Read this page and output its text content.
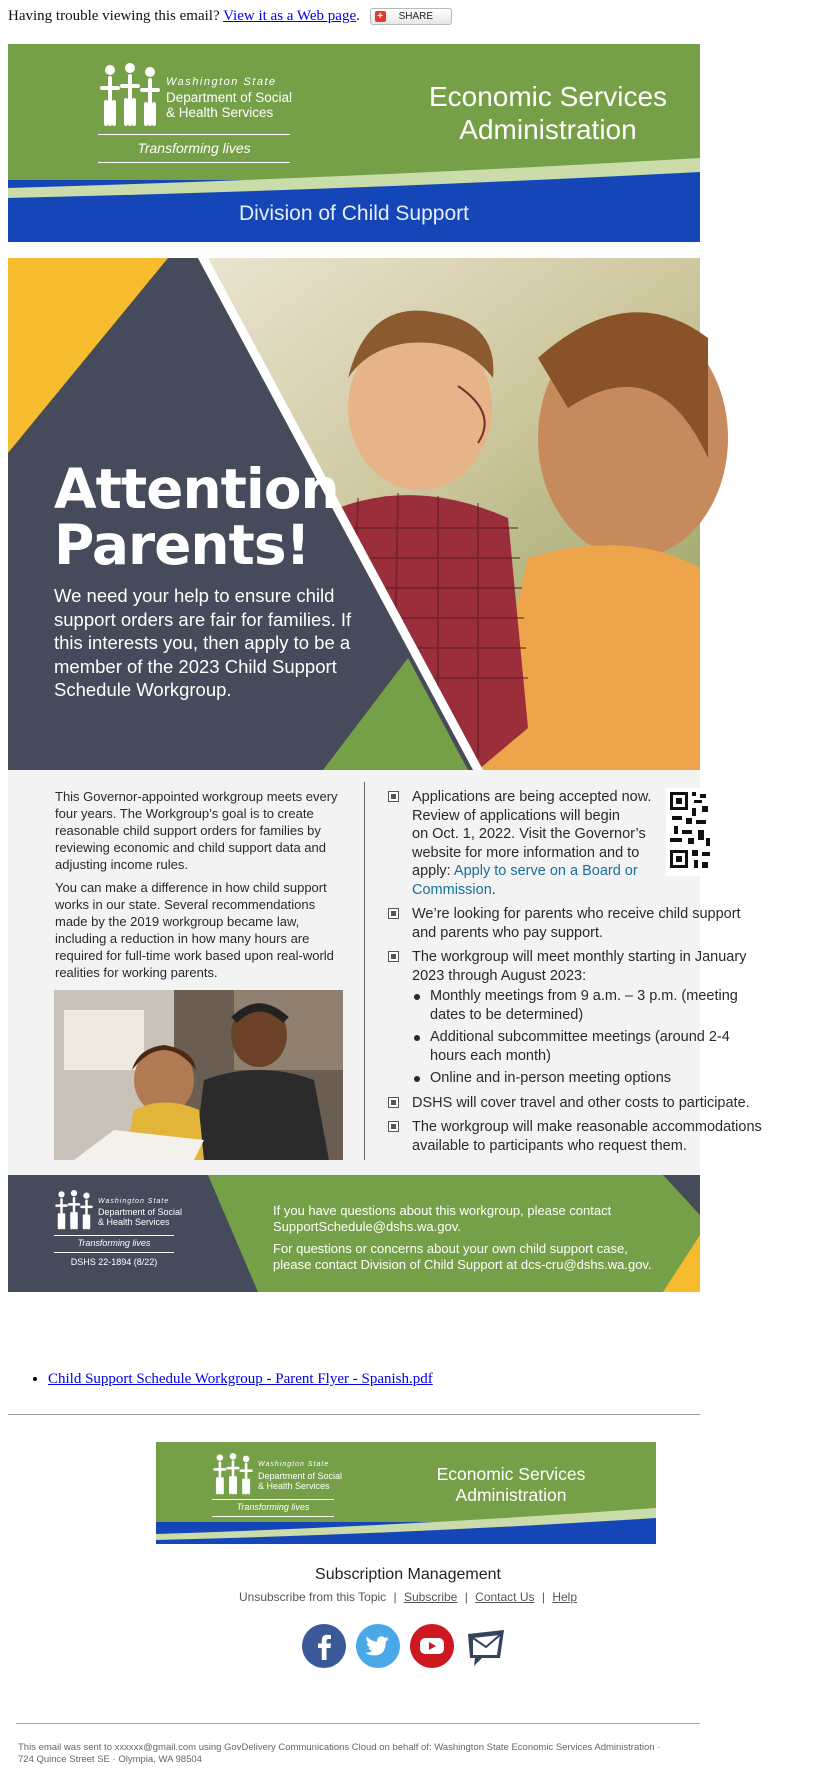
Having trouble viewing this email? View it as a Web page. + SHARE
Washington State
Department of Social
& Health Services
Transforming lives
Economic Services
Administration
Division of Child Support
Attention
Parents!
We need your help to ensure child support orders are fair for families. If this interests you, then apply to be a member of the 2023 Child Support Schedule Workgroup.

This Governor-appointed workgroup meets every four years. The Workgroup’s goal is to create reasonable child support orders for families by reviewing economic and child support data and adjusting income rules.

You can make a difference in how child support works in our state. Several recommendations made by the 2019 workgroup became law, including a reduction in how many hours are required for full-time work based upon real-world realities for working parents.

Applications are being accepted now.
Review of applications will begin
on Oct. 1, 2022. Visit the Governor’s
website for more information and to
apply: Apply to serve on a Board or
Commission.
We’re looking for parents who receive child support
and parents who pay support.
The workgroup will meet monthly starting in January
2023 through August 2023:
Monthly meetings from 9 a.m. – 3 p.m. (meeting
dates to be determined)
Additional subcommittee meetings (around 2-4
hours each month)
Online and in-person meeting options
DSHS will cover travel and other costs to participate.
The workgroup will make reasonable accommodations
available to participants who request them.
Washington State
Department of Social
& Health Services
Transforming lives
DSHS 22-1894 (8/22)

If you have questions about this workgroup, please contact
SupportSchedule@dshs.wa.gov.

For questions or concerns about your own child support case,
please contact Division of Child Support at dcs-cru@dshs.wa.gov.

• Child Support Schedule Workgroup - Parent Flyer - Spanish.pdf
Washington State
Department of Social
& Health Services
Transforming lives
Economic Services
Administration
Subscription Management
Unsubscribe from this Topic | Subscribe | Contact Us | Help
This email was sent to xxxxxx@gmail.com using GovDelivery Communications Cloud on behalf of: Washington State Economic Services Administration ·
724 Quince Street SE · Olympia, WA 98504
